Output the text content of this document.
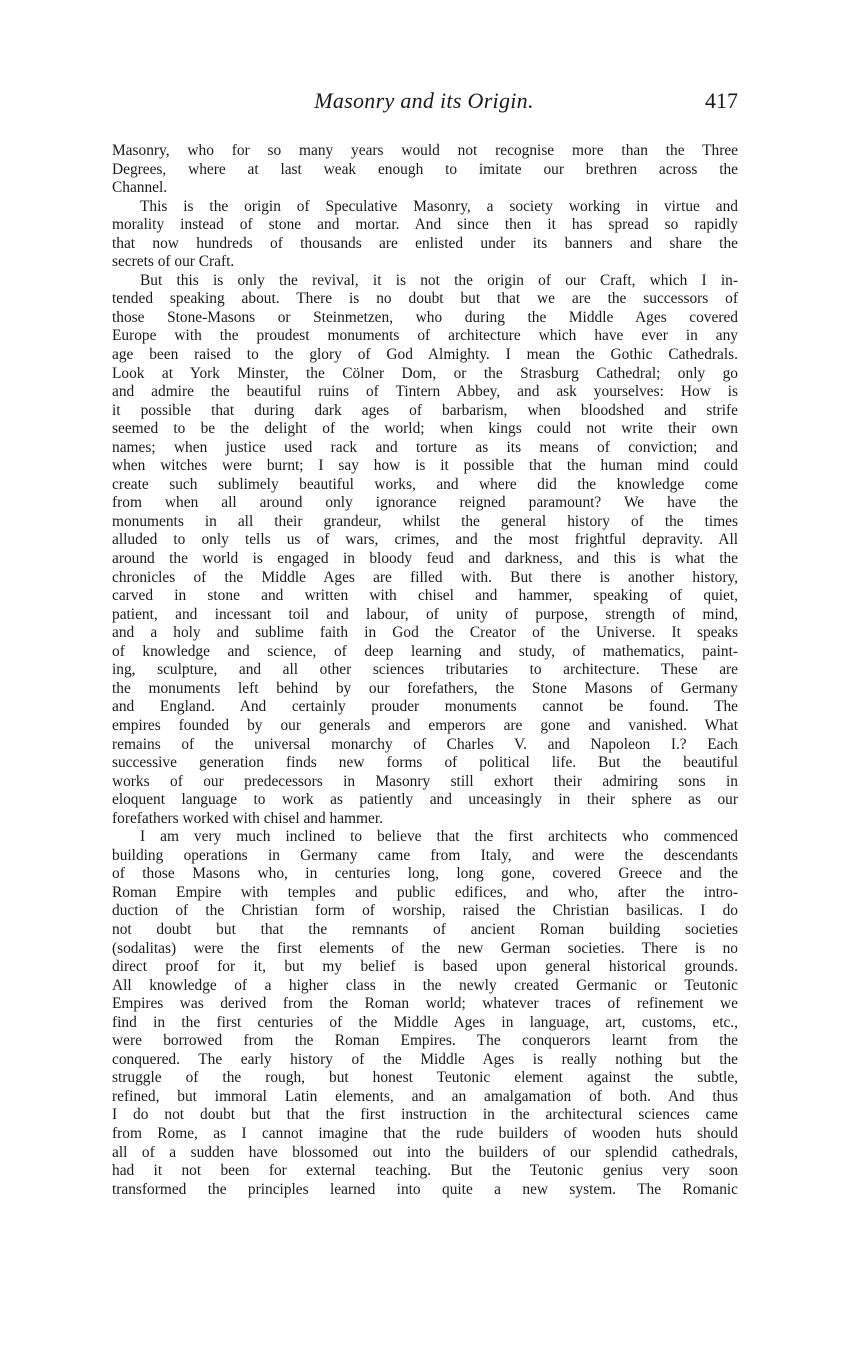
Masonry and its Origin.	417
Masonry, who for so many years would not recognise more than the Three
Degrees, where at last weak enough to imitate our brethren across the
Channel.
This is the origin of Speculative Masonry, a society working in virtue and
morality instead of stone and mortar. And since then it has spread so rapidly
that now hundreds of thousands are enlisted under its banners and share the
secrets of our Craft.
But this is only the revival, it is not the origin of our Craft, which I in-
tended speaking about. There is no doubt but that we are the successors of
those Stone-Masons or Steinmetzen, who during the Middle Ages covered
Europe with the proudest monuments of architecture which have ever in any
age been raised to the glory of God Almighty. I mean the Gothic Cathedrals.
Look at York Minster, the Cölner Dom, or the Strasburg Cathedral; only go
and admire the beautiful ruins of Tintern Abbey, and ask yourselves: How is
it possible that during dark ages of barbarism, when bloodshed and strife
seemed to be the delight of the world; when kings could not write their own
names; when justice used rack and torture as its means of conviction; and
when witches were burnt; I say how is it possible that the human mind could
create such sublimely beautiful works, and where did the knowledge come
from when all around only ignorance reigned paramount? We have the
monuments in all their grandeur, whilst the general history of the times
alluded to only tells us of wars, crimes, and the most frightful depravity. All
around the world is engaged in bloody feud and darkness, and this is what the
chronicles of the Middle Ages are filled with. But there is another history,
carved in stone and written with chisel and hammer, speaking of quiet,
patient, and incessant toil and labour, of unity of purpose, strength of mind,
and a holy and sublime faith in God the Creator of the Universe. It speaks
of knowledge and science, of deep learning and study, of mathematics, paint-
ing, sculpture, and all other sciences tributaries to architecture. These are
the monuments left behind by our forefathers, the Stone Masons of Germany
and England. And certainly prouder monuments cannot be found. The
empires founded by our generals and emperors are gone and vanished. What
remains of the universal monarchy of Charles V. and Napoleon I.? Each
successive generation finds new forms of political life. But the beautiful
works of our predecessors in Masonry still exhort their admiring sons in
eloquent language to work as patiently and unceasingly in their sphere as our
forefathers worked with chisel and hammer.
I am very much inclined to believe that the first architects who commenced
building operations in Germany came from Italy, and were the descendants
of those Masons who, in centuries long, long gone, covered Greece and the
Roman Empire with temples and public edifices, and who, after the intro-
duction of the Christian form of worship, raised the Christian basilicas. I do
not doubt but that the remnants of ancient Roman building societies
(sodalitas) were the first elements of the new German societies. There is no
direct proof for it, but my belief is based upon general historical grounds.
All knowledge of a higher class in the newly created Germanic or Teutonic
Empires was derived from the Roman world; whatever traces of refinement we
find in the first centuries of the Middle Ages in language, art, customs, etc.,
were borrowed from the Roman Empires. The conquerors learnt from the
conquered. The early history of the Middle Ages is really nothing but the
struggle of the rough, but honest Teutonic element against the subtle,
refined, but immoral Latin elements, and an amalgamation of both. And thus
I do not doubt but that the first instruction in the architectural sciences came
from Rome, as I cannot imagine that the rude builders of wooden huts should
all of a sudden have blossomed out into the builders of our splendid cathedrals,
had it not been for external teaching. But the Teutonic genius very soon
transformed the principles learned into quite a new system. The Romanic
